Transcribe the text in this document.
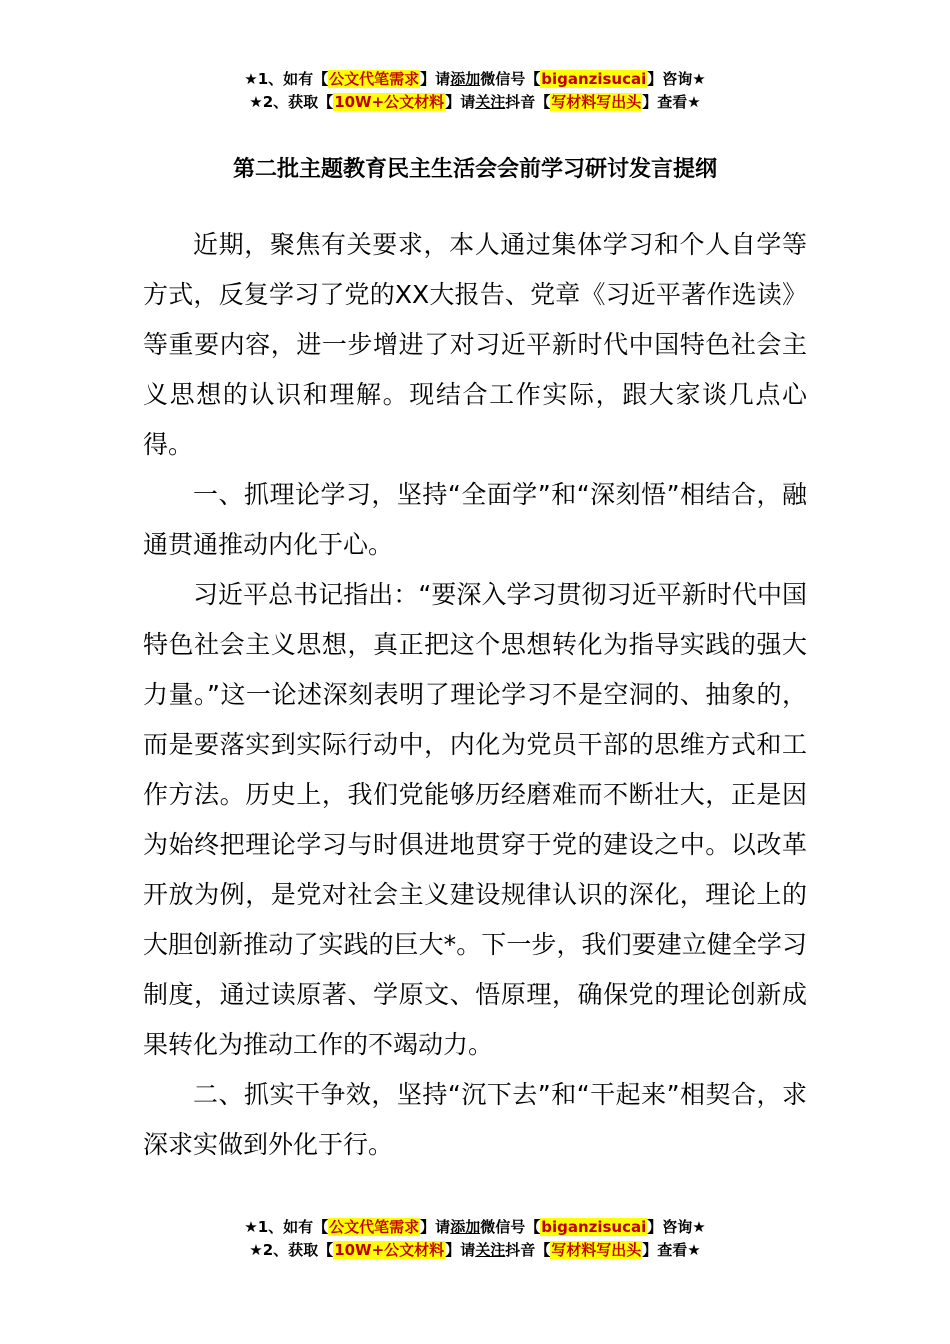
★1、如有【公文代笔需求】请添加微信号【biganzisucai】咨询★
★2、获取【10W+公文材料】请关注抖音【写材料写出头】查看★
第二批主题教育民主生活会会前学习研讨发言提纲

近期，聚焦有关要求，本人通过集体学习和个人自学等方式，反复学习了党的XX大报告、党章《习近平著作选读》等重要内容，进一步增进了对习近平新时代中国特色社会主义思想的认识和理解。现结合工作实际，跟大家谈几点心得。

一、抓理论学习，坚持“全面学”和“深刻悟”相结合，融通贯通推动内化于心。

习近平总书记指出：“要深入学习贯彻习近平新时代中国特色社会主义思想，真正把这个思想转化为指导实践的强大力量。”这一论述深刻表明了理论学习不是空洞的、抽象的，而是要落实到实际行动中，内化为党员干部的思维方式和工作方法。历史上，我们党能够历经磨难而不断壮大，正是因为始终把理论学习与时俱进地贯穿于党的建设之中。以改革开放为例，是党对社会主义建设规律认识的深化，理论上的大胆创新推动了实践的巨大*。下一步，我们要建立健全学习制度，通过读原著、学原文、悟原理，确保党的理论创新成果转化为推动工作的不竭动力。

二、抓实干争效，坚持“沉下去”和“干起来”相契合，求深求实做到外化于行。

★1、如有【公文代笔需求】请添加微信号【biganzisucai】咨询★
★2、获取【10W+公文材料】请关注抖音【写材料写出头】查看★
